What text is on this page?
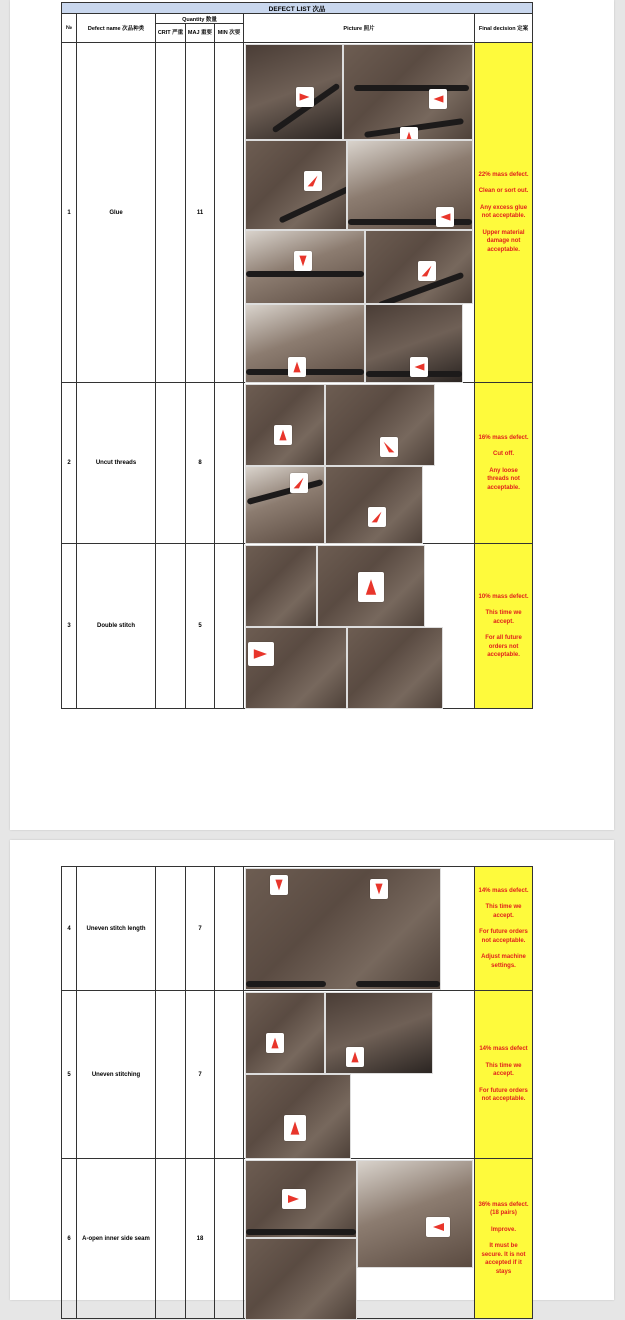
DEFECT LIST 次品						
№	Defect name 次品种类	Quantity 数量			Picture 照片	Final decision 定案
		CRIT 严重	MAJ 重要	MIN 次要		
1	Glue		11			22% mass defect.

Clean or sort out.

Any excess glue not acceptable.

Upper material damage not acceptable.

2	Uncut threads		8			16% mass defect.

Cut off.

Any loose threads not acceptable.

3	Double stitch		5			10% mass defect.

This time we accept.

For all future orders not acceptable.

4	Uneven stitch length		7			14% mass defect.

This time we accept.

For future orders not acceptable.

Adjust machine settings.

5	Uneven stitching		7			14% mass defect

This time we accept.

For future orders not acceptable.

6	A-open inner side seam		18			36% mass defect. (18 pairs)

Improve.

It must be secure. It is not accepted if it stays
